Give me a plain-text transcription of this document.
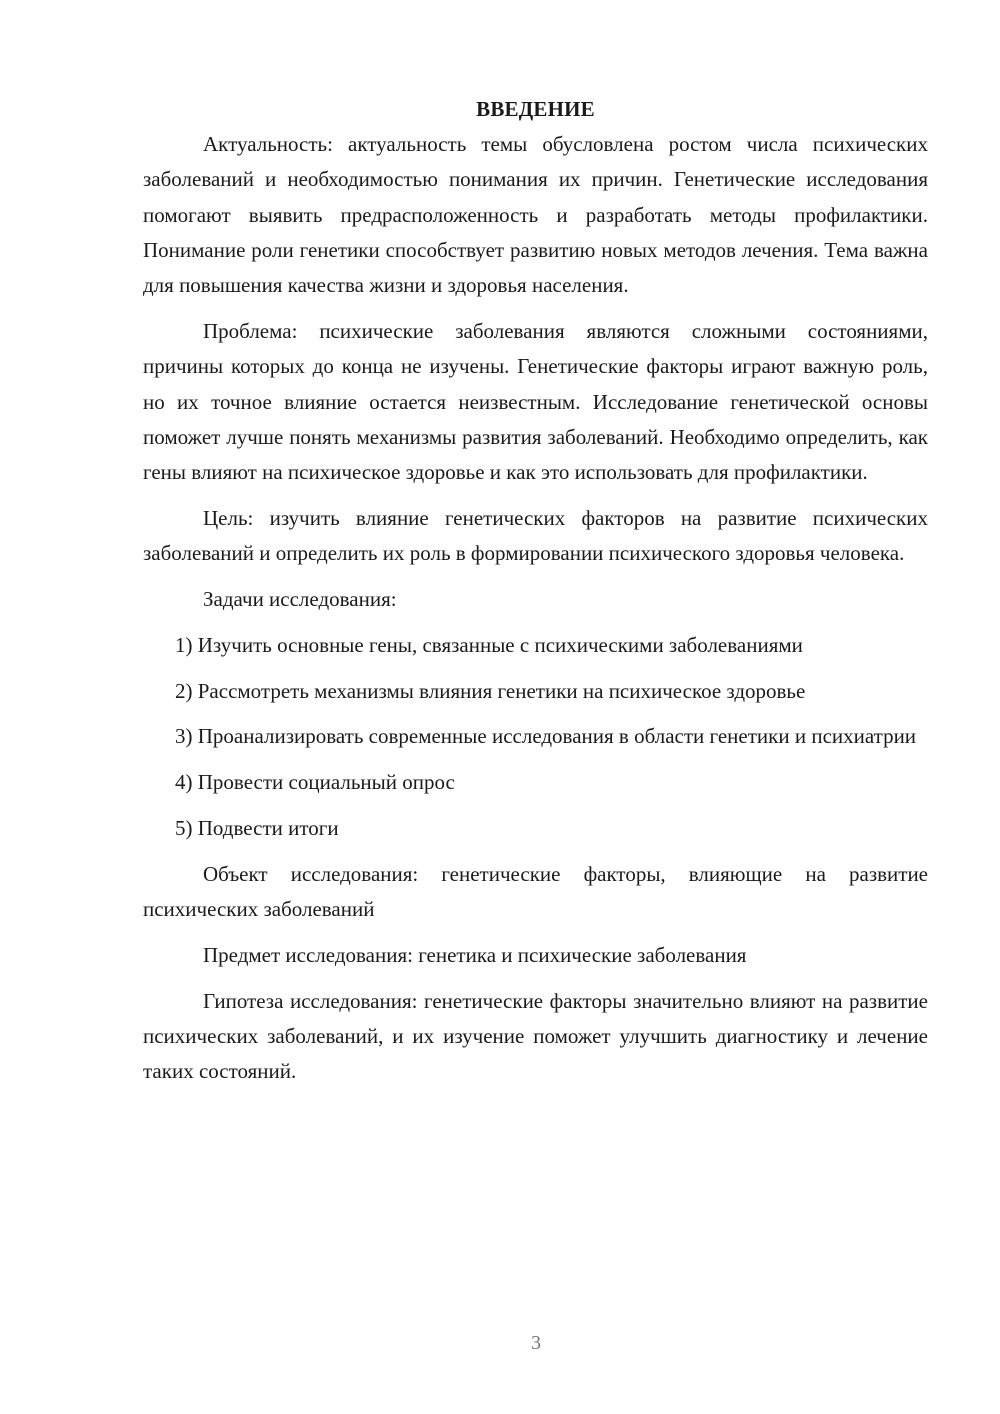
ВВЕДЕНИЕ

Актуальность: актуальность темы обусловлена ростом числа психических заболеваний и необходимостью понимания их причин. Генетические исследования помогают выявить предрасположенность и разработать методы профилактики. Понимание роли генетики способствует развитию новых методов лечения. Тема важна для повышения качества жизни и здоровья населения.

Проблема: психические заболевания являются сложными состояниями, причины которых до конца не изучены. Генетические факторы играют важную роль, но их точное влияние остается неизвестным. Исследование генетической основы поможет лучше понять механизмы развития заболеваний. Необходимо определить, как гены влияют на психическое здоровье и как это использовать для профилактики.

Цель: изучить влияние генетических факторов на развитие психических заболеваний и определить их роль в формировании психического здоровья человека.

Задачи исследования:

1) Изучить основные гены, связанные с психическими заболеваниями

2) Рассмотреть механизмы влияния генетики на психическое здоровье

3) Проанализировать современные исследования в области генетики и психиатрии

4) Провести социальный опрос

5) Подвести итоги

Объект исследования: генетические факторы, влияющие на развитие психических заболеваний

Предмет исследования: генетика и психические заболевания

Гипотеза исследования: генетические факторы значительно влияют на развитие психических заболеваний, и их изучение поможет улучшить диагностику и лечение таких состояний.

3
